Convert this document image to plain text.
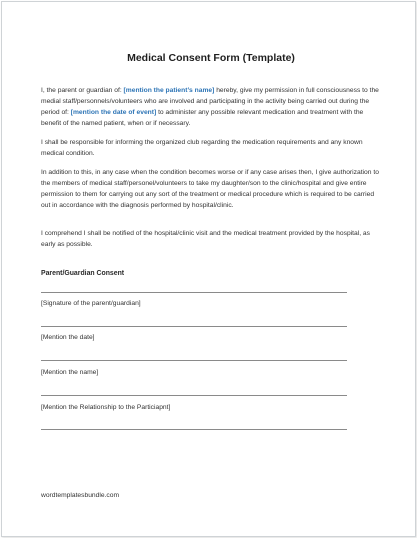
Medical Consent Form (Template)

I, the parent or guardian of: [mention the patient’s name] hereby, give my permission in full consciousness to the medial staff/personnels/volunteers who are involved and participating in the activity being carried out during the period of: [mention the date of event] to administer any possible relevant medication and treatment with the benefit of the named patient, when or if necessary.

I shall be responsible for informing the organized club regarding the medication requirements and any known medical condition.

In addition to this, in any case when the condition becomes worse or if any case arises then, I give authorization to the members of medical staff/personel/volunteers to take my daughter/son to the clinic/hospital and give entire permission to them for carrying out any sort of the treatment or medical procedure which is required to be carried out in accordance with the diagnosis performed by hospital/clinic.

I comprehend I shall be notified of the hospital/clinic visit and the medical treatment provided by the hospital, as early as possible.

Parent/Guardian Consent
[Signature of the parent/guardian]
[Mention the date]
[Mention the name]
[Mention the Relationship to the Particiapnt]
wordtemplatesbundle.com
